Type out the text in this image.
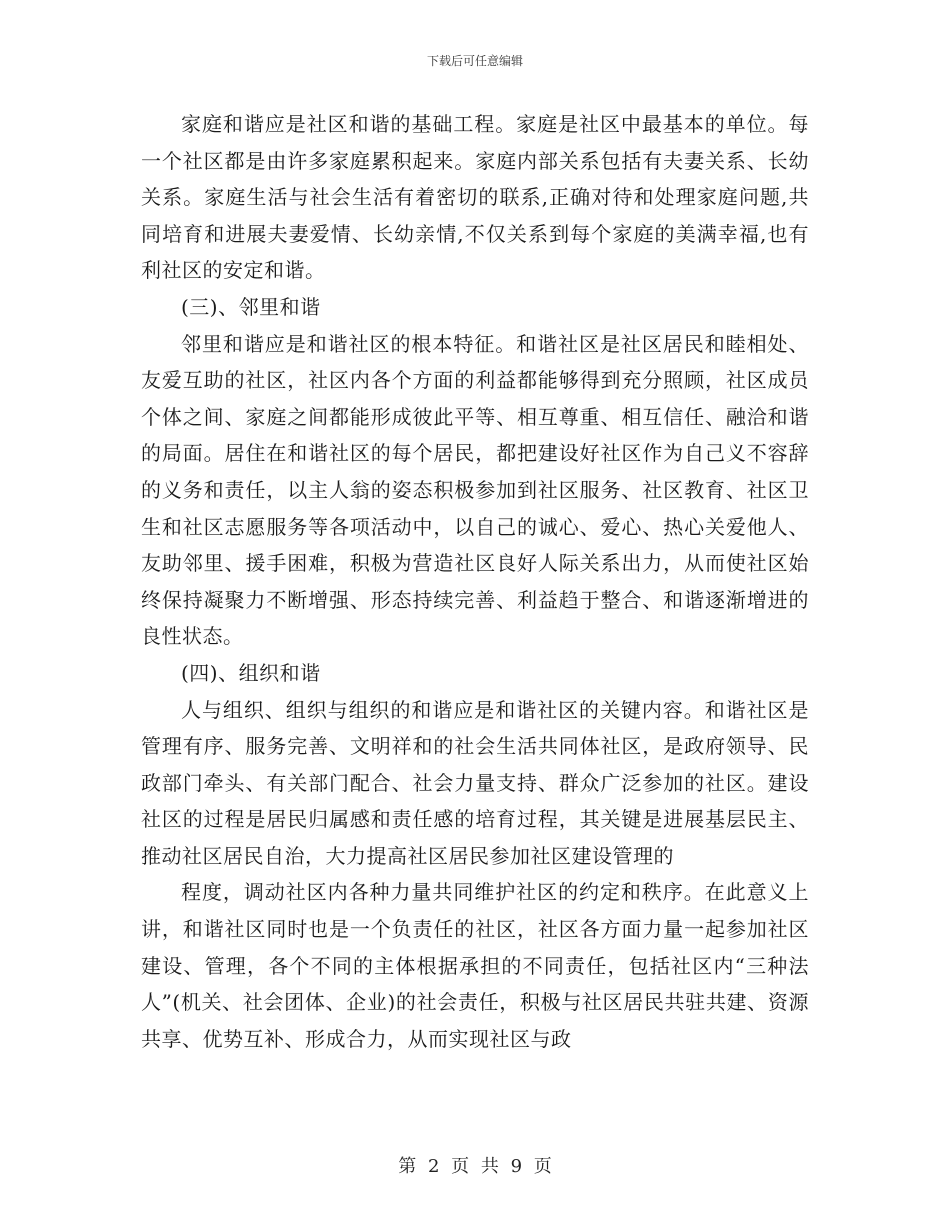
下载后可任意编辑

家庭和谐应是社区和谐的基础工程。家庭是社区中最基本的单位。每一个社区都是由许多家庭累积起来。家庭内部关系包括有夫妻关系、长幼关系。家庭生活与社会生活有着密切的联系,正确对待和处理家庭问题,共同培育和进展夫妻爱情、长幼亲情,不仅关系到每个家庭的美满幸福,也有利社区的安定和谐。

(三)、邻里和谐

邻里和谐应是和谐社区的根本特征。和谐社区是社区居民和睦相处、友爱互助的社区，社区内各个方面的利益都能够得到充分照顾，社区成员个体之间、家庭之间都能形成彼此平等、相互尊重、相互信任、融洽和谐的局面。居住在和谐社区的每个居民，都把建设好社区作为自己义不容辞的义务和责任，以主人翁的姿态积极参加到社区服务、社区教育、社区卫生和社区志愿服务等各项活动中，以自己的诚心、爱心、热心关爱他人、友助邻里、援手困难，积极为营造社区良好人际关系出力，从而使社区始终保持凝聚力不断增强、形态持续完善、利益趋于整合、和谐逐渐增进的良性状态。

(四)、组织和谐

人与组织、组织与组织的和谐应是和谐社区的关键内容。和谐社区是管理有序、服务完善、文明祥和的社会生活共同体社区，是政府领导、民政部门牵头、有关部门配合、社会力量支持、群众广泛参加的社区。建设社区的过程是居民归属感和责任感的培育过程，其关键是进展基层民主、推动社区居民自治，大力提高社区居民参加社区建设管理的

程度，调动社区内各种力量共同维护社区的约定和秩序。在此意义上讲，和谐社区同时也是一个负责任的社区，社区各方面力量一起参加社区建设、管理，各个不同的主体根据承担的不同责任，包括社区内“三种法人”(机关、社会团体、企业)的社会责任，积极与社区居民共驻共建、资源共享、优势互补、形成合力，从而实现社区与政

第 2 页 共 9 页
